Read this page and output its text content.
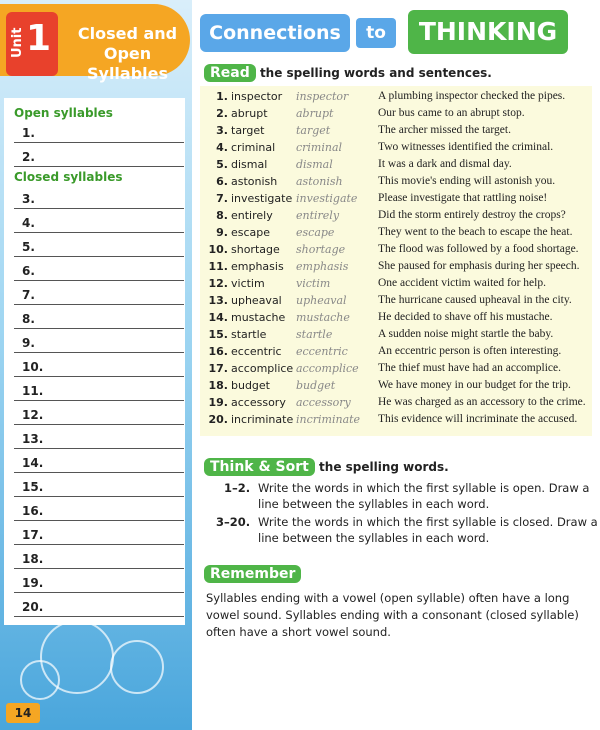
Unit 1	Closed and Open Syllables
Connections	to	THINKING
Open syllables
1.
2.
Closed syllables
3.
4.
5.
6.
7.
8.
9.
10.
11.
12.
13.
14.
15.
16.
17.
18.
19.
20.
14
Read the spelling words and sentences.
1. inspector inspector	A plumbing inspector checked the pipes.
2. abrupt	abrupt	Our bus came to an abrupt stop.
3. target	target	The archer missed the target.
4. criminal criminal	Two witnesses identified the criminal.
5. dismal	dismal	It was a dark and dismal day.
6. astonish astonish	This movie's ending will astonish you.
7. investigate investigate Please investigate that rattling noise!
8. entirely entirely	Did the storm entirely destroy the crops?
9. escape escape	They went to the beach to escape the heat.
10. shortage shortage	The flood was followed by a food shortage.
11. emphasis emphasis	She paused for emphasis during her speech.
12. victim	victim	One accident victim waited for help.
13. upheaval upheaval	The hurricane caused upheaval in the city.
14. mustache mustache He decided to shave off his mustache.
15. startle	startle	A sudden noise might startle the baby.
16. eccentric eccentric	An eccentric person is often interesting.
17. accomplice accomplice The thief must have had an accomplice.
18. budget budget	We have money in our budget for the trip.
19. accessory accessory He was charged as an accessory to the crime.
20. incriminate incriminate This evidence will incriminate the accused.
Think & Sort the spelling words.
1–2. Write the words in which the first syllable is open. Draw a line between the syllables in each word.
3–20. Write the words in which the first syllable is closed. Draw a line between the syllables in each word.
Remember
Syllables ending with a vowel (open syllable) often have a long vowel sound. Syllables ending with a consonant (closed syllable) often have a short vowel sound.
